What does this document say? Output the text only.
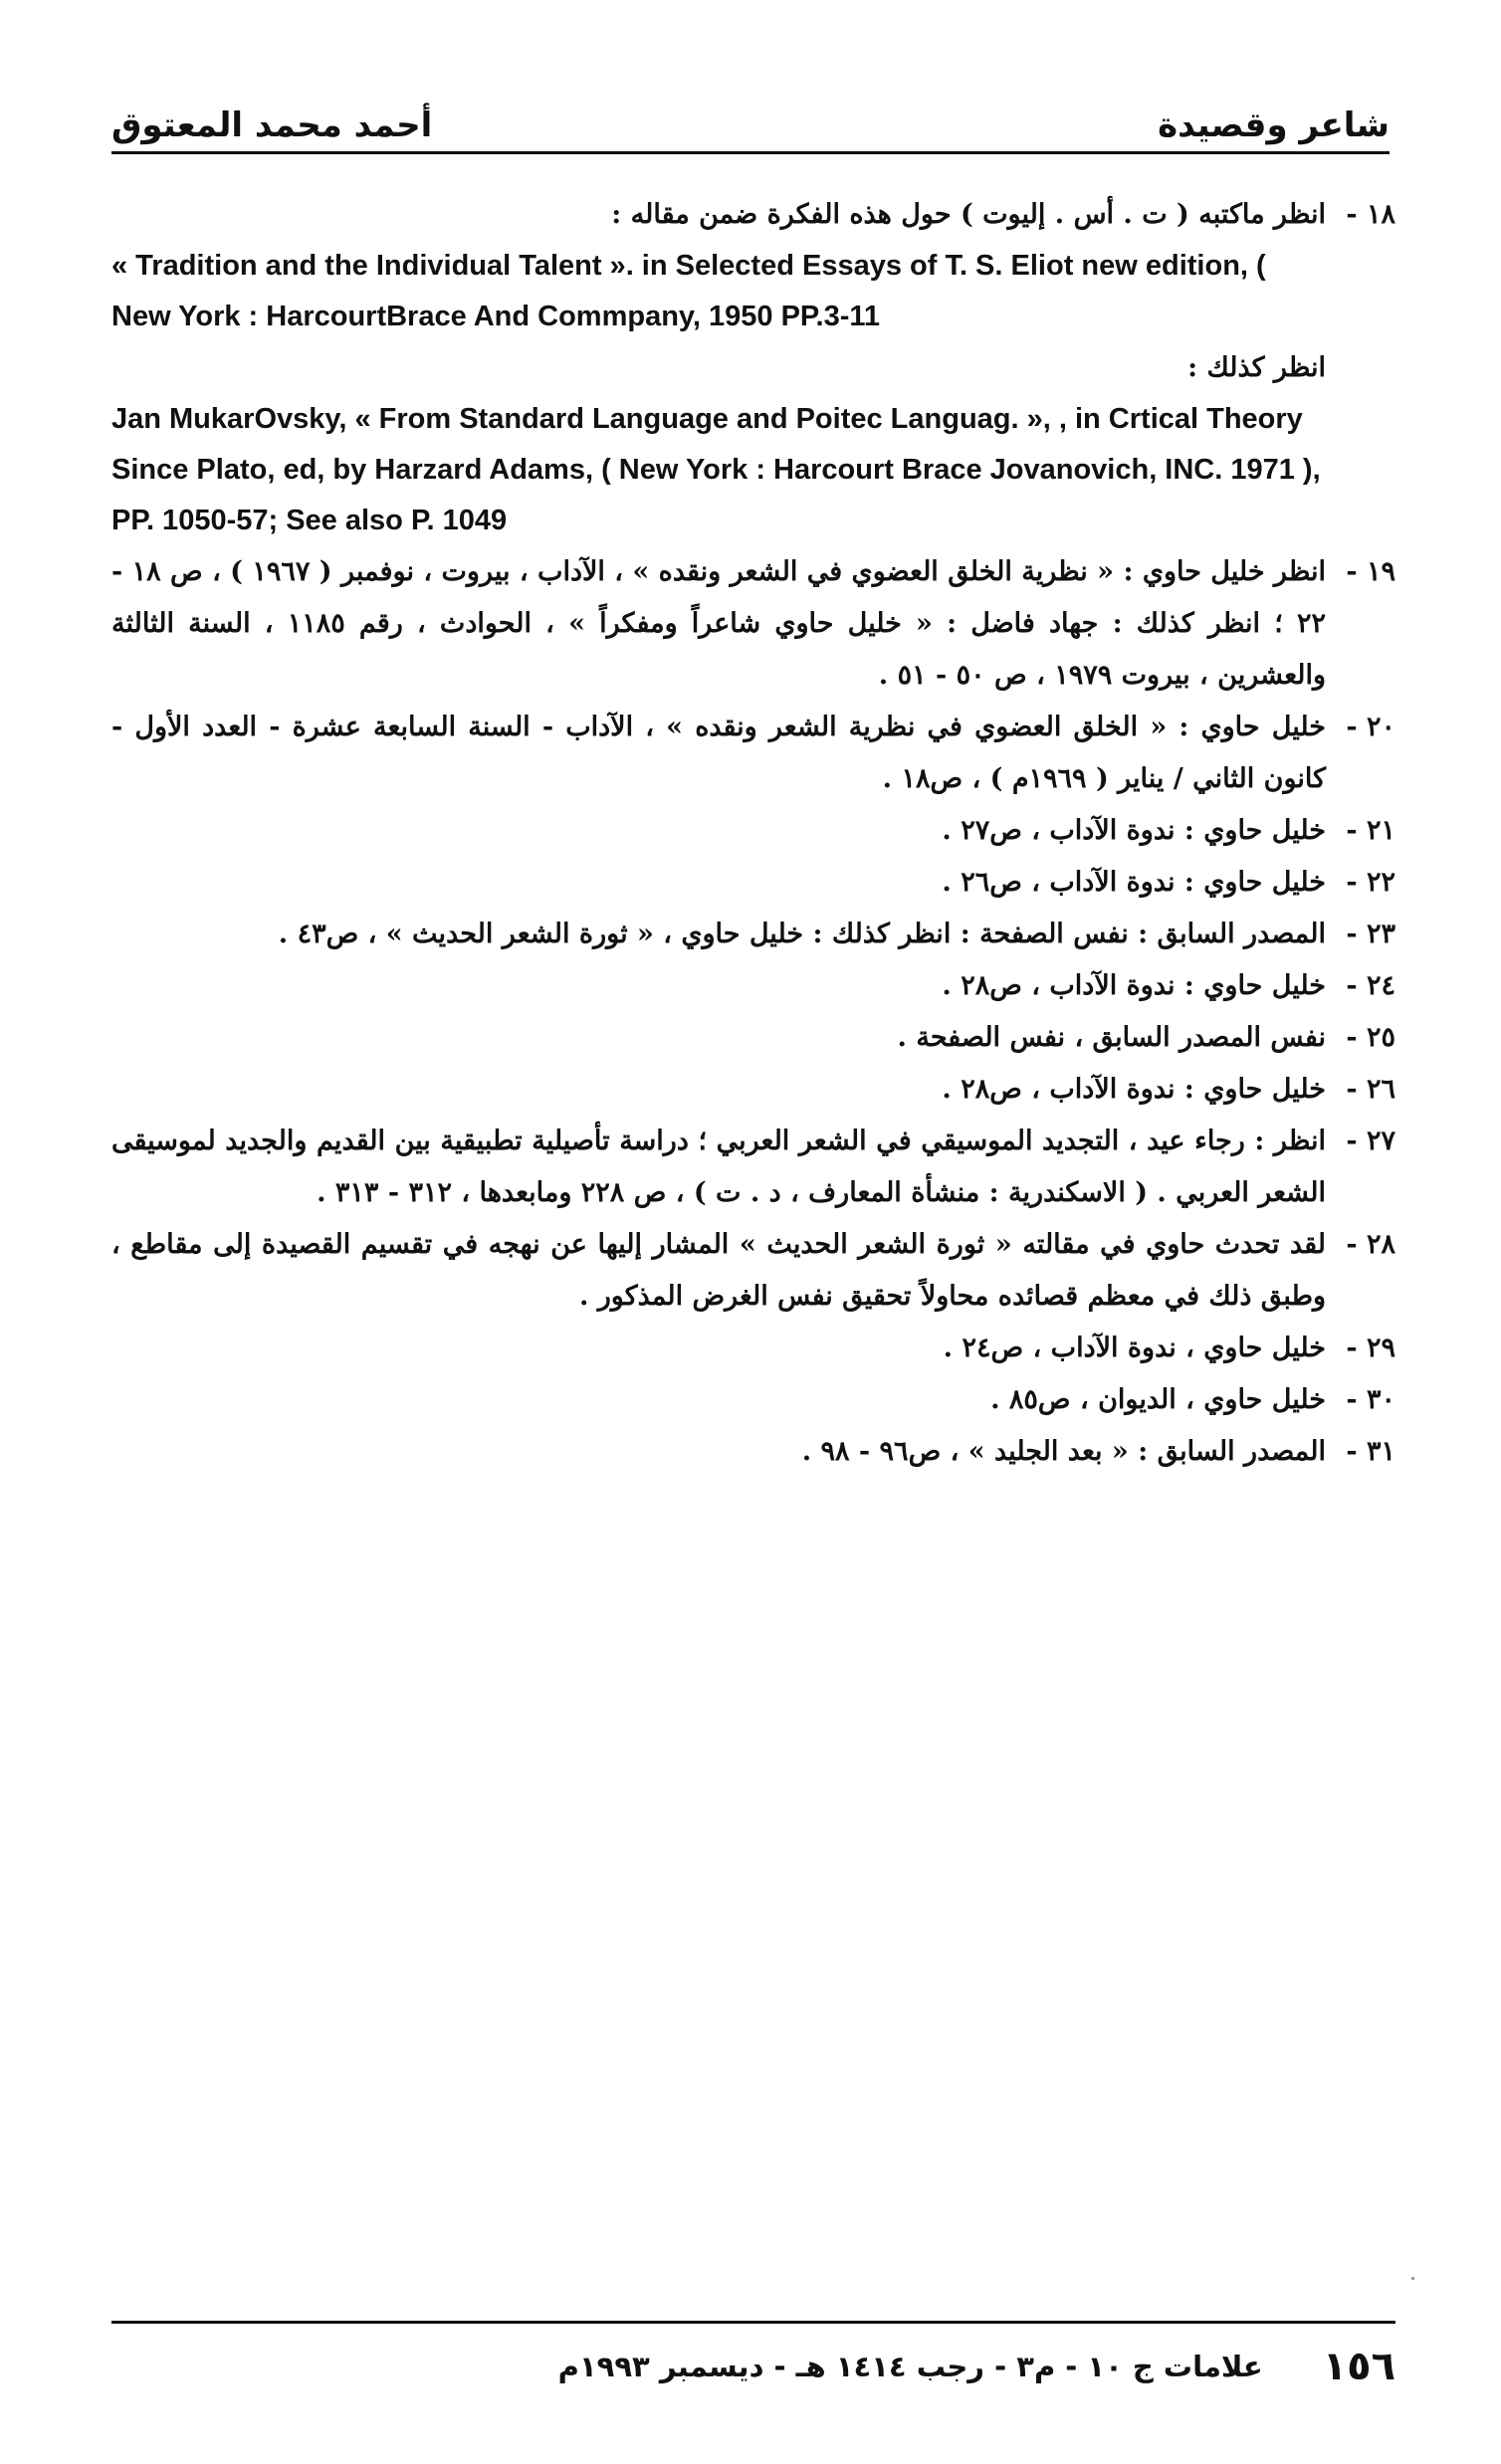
شاعر وقصيدة
أحمد محمد المعتوق

١٨ -
انظر ماكتبه ( ت . أس . إليوت ) حول هذه الفكرة ضمن مقاله :

« Tradition and the Individual Talent ». in Selected Essays of T. S. Eliot new edition, ( New York : HarcourtBrace And Commpany, 1950 PP.3-11

انظر كذلك :

Jan MukarOvsky, « From Standard Language and Poitec Languag. », , in Crtical Theory Since Plato, ed, by Harzard Adams, ( New York : Harcourt Brace Jovanovich, INC. 1971 ), PP. 1050-57; See also P. 1049

١٩ -
انظر خليل حاوي : « نظرية الخلق العضوي في الشعر ونقده » ، الآداب ، بيروت ، نوفمبر ( ١٩٦٧ ) ، ص ١٨ - ٢٢ ؛ انظر كذلك : جهاد فاضل : « خليل حاوي شاعراً ومفكراً » ، الحوادث ، رقم ١١٨٥ ، السنة الثالثة والعشرين ، بيروت ١٩٧٩ ، ص ٥٠ - ٥١ .

٢٠ -
خليل حاوي : « الخلق العضوي في نظرية الشعر ونقده » ، الآداب - السنة السابعة عشرة - العدد الأول - كانون الثاني / يناير ( ١٩٦٩م ) ، ص١٨ .

٢١ -
خليل حاوي : ندوة الآداب ، ص٢٧ .

٢٢ -
خليل حاوي : ندوة الآداب ، ص٢٦ .

٢٣ -
المصدر السابق : نفس الصفحة : انظر كذلك : خليل حاوي ، « ثورة الشعر الحديث » ، ص٤٣ .

٢٤ -
خليل حاوي : ندوة الآداب ، ص٢٨ .

٢٥ -
نفس المصدر السابق ، نفس الصفحة .

٢٦ -
خليل حاوي : ندوة الآداب ، ص٢٨ .

٢٧ -
انظر : رجاء عيد ، التجديد الموسيقي في الشعر العربي ؛ دراسة تأصيلية تطبيقية بين القديم والجديد لموسيقى الشعر العربي . ( الاسكندرية : منشأة المعارف ، د . ت ) ، ص ٢٢٨ ومابعدها ، ٣١٢ - ٣١٣ .

٢٨ -
لقد تحدث حاوي في مقالته « ثورة الشعر الحديث » المشار إليها عن نهجه في تقسيم القصيدة إلى مقاطع ، وطبق ذلك في معظم قصائده محاولاً تحقيق نفس الغرض المذكور .

٢٩ -
خليل حاوي ، ندوة الآداب ، ص٢٤ .

٣٠ -
خليل حاوي ، الديوان ، ص٨٥ .

٣١ -
المصدر السابق : « بعد الجليد » ، ص٩٦ - ٩٨ .

١٥٦
علامات ج ١٠ - م٣ - رجب ١٤١٤ هـ - ديسمبر ١٩٩٣م
